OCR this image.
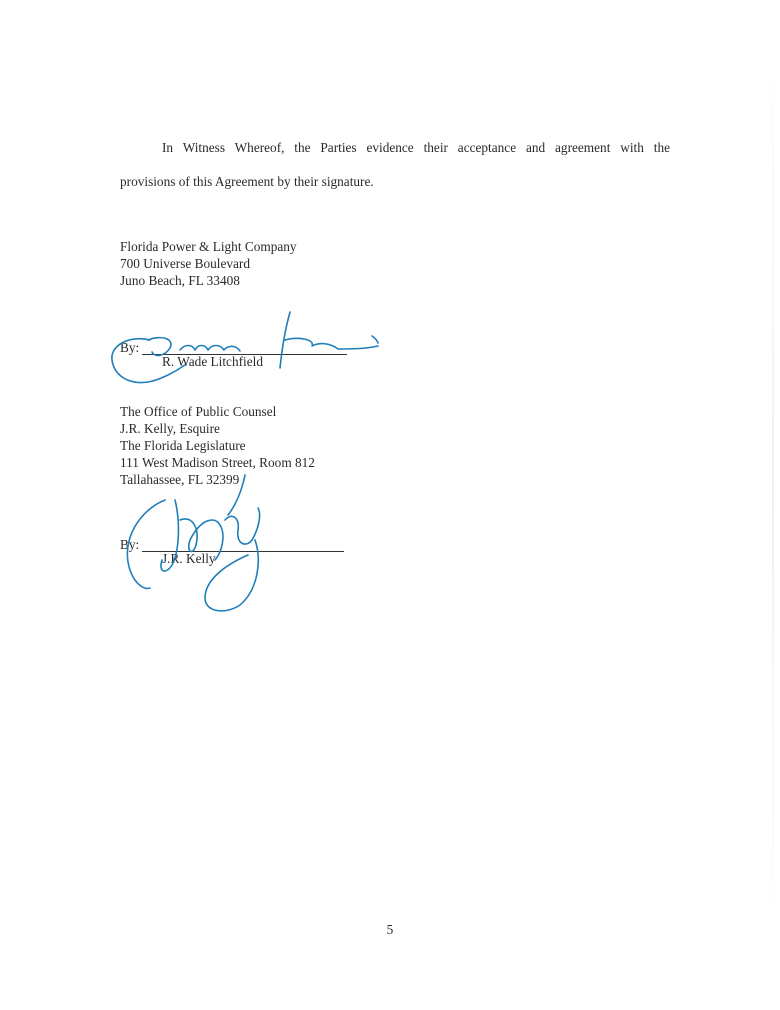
In Witness Whereof, the Parties evidence their acceptance and agreement with the
provisions of this Agreement by their signature.
Florida Power & Light Company
700 Universe Boulevard
Juno Beach, FL 33408
By:
R. Wade Litchfield
The Office of Public Counsel
J.R. Kelly, Esquire
The Florida Legislature
111 West Madison Street, Room 812
Tallahassee, FL 32399
By:
J.R. Kelly
5
